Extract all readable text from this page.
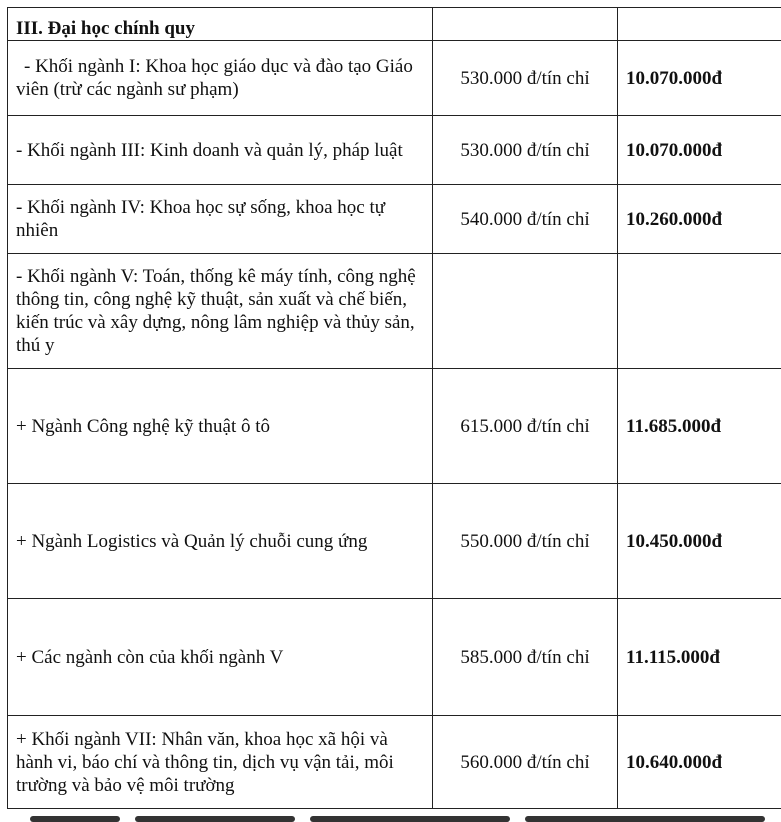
III. Đại học chính quy		
- Khối ngành I: Khoa học giáo dục và đào tạo Giáo viên (trừ các ngành sư phạm)	530.000 đ/tín chỉ	10.070.000đ
- Khối ngành III: Kinh doanh và quản lý, pháp luật	530.000 đ/tín chỉ	10.070.000đ
- Khối ngành IV: Khoa học sự sống, khoa học tự nhiên	540.000 đ/tín chỉ	10.260.000đ
- Khối ngành V: Toán, thống kê máy tính, công nghệ thông tin, công nghệ kỹ thuật, sản xuất và chế biến, kiến trúc và xây dựng, nông lâm nghiệp và thủy sản, thú y		
+ Ngành Công nghệ kỹ thuật ô tô	615.000 đ/tín chỉ	11.685.000đ
+ Ngành Logistics và Quản lý chuỗi cung ứng	550.000 đ/tín chỉ	10.450.000đ
+ Các ngành còn của khối ngành V	585.000 đ/tín chỉ	11.115.000đ
+ Khối ngành VII: Nhân văn, khoa học xã hội và hành vi, báo chí và thông tin, dịch vụ vận tải, môi trường và bảo vệ môi trường	560.000 đ/tín chỉ	10.640.000đ
